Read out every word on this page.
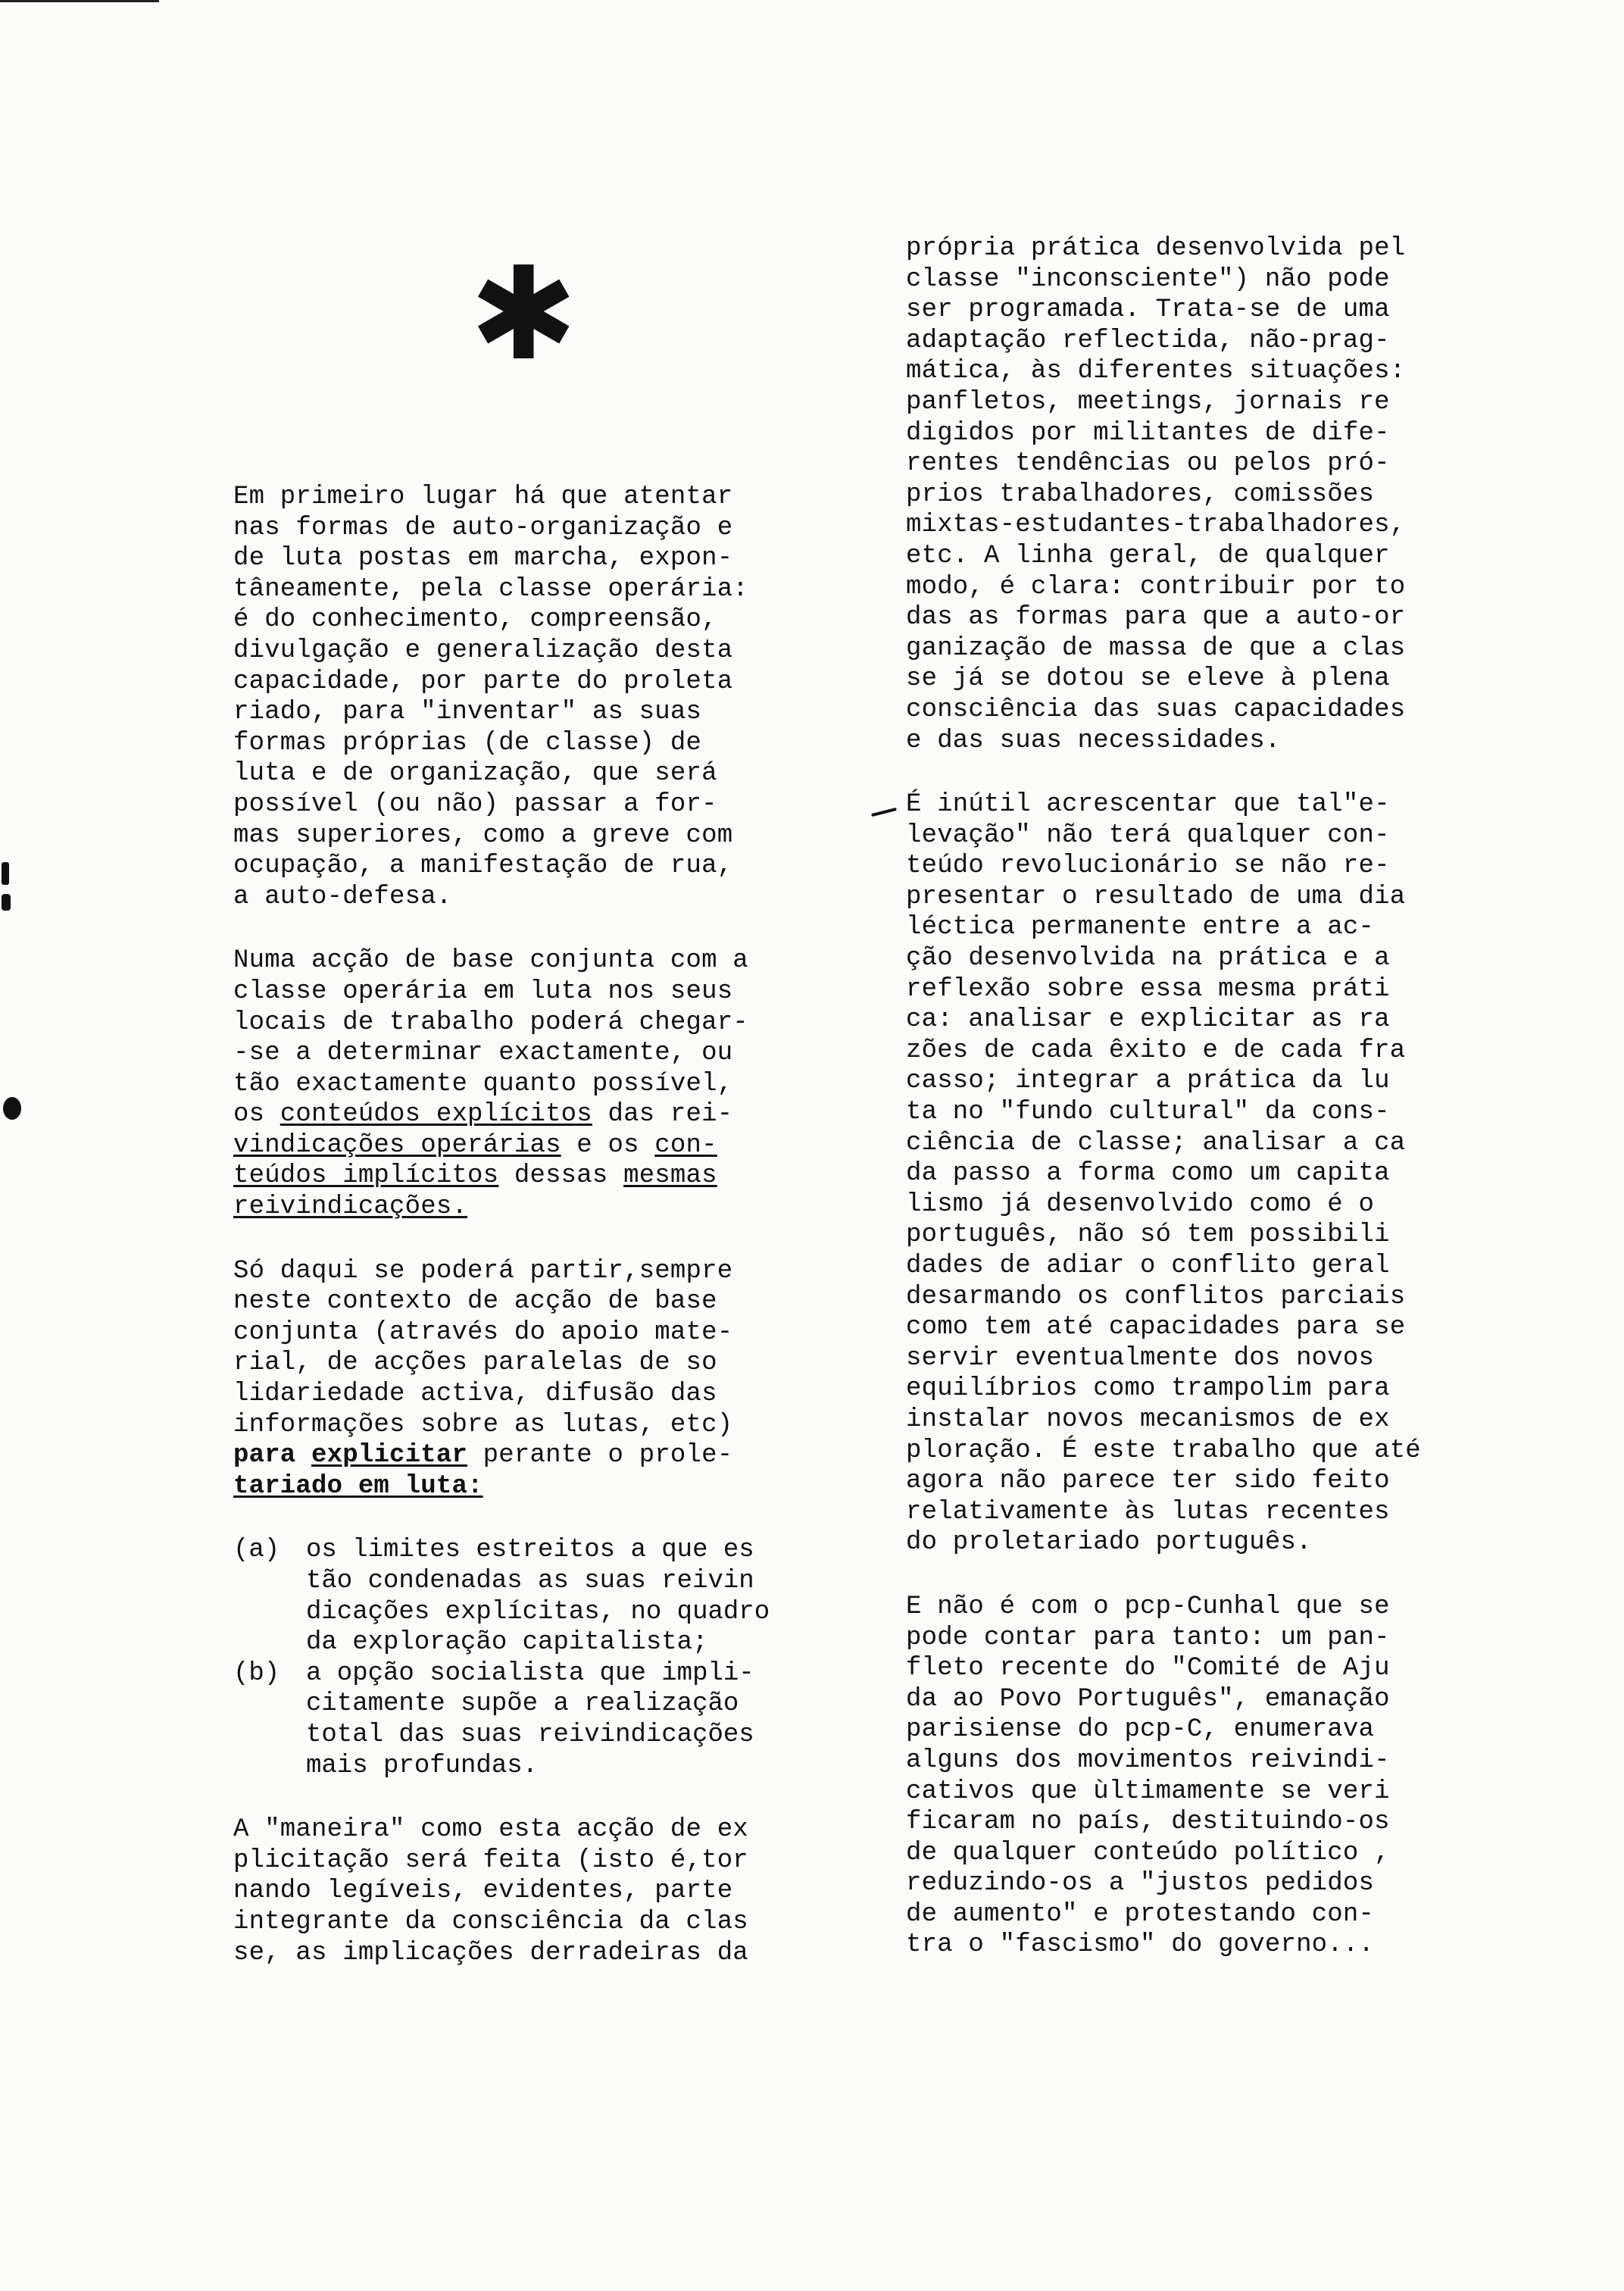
✱

Em primeiro lugar há que atentar
nas formas de auto-organização e
de luta postas em marcha, expon-
tâneamente, pela classe operária:
é do conhecimento, compreensão,
divulgação e generalização desta
capacidade, por parte do proleta
riado, para "inventar" as suas
formas próprias (de classe) de
luta e de organização, que será
possível (ou não) passar a for-
mas superiores, como a greve com
ocupação, a manifestação de rua,
a auto-defesa.

Numa acção de base conjunta com a
classe operária em luta nos seus
locais de trabalho poderá chegar-
-se a determinar exactamente, ou
tão exactamente quanto possível,
os conteúdos explícitos das rei-
vindicações operárias e os con-
teúdos implícitos dessas mesmas
reivindicações.

Só daqui se poderá partir,sempre
neste contexto de acção de base
conjunta (através do apoio mate-
rial, de acções paralelas de so
lidariedade activa, difusão das
informações sobre as lutas, etc)
para explicitar perante o prole-
tariado em luta:

(a)	os limites estreitos a que es
tão condenadas as suas reivin
dicações explícitas, no quadro
da exploração capitalista;
(b)	a opção socialista que impli-
citamente supõe a realização
total das suas reivindicações
mais profundas.

A "maneira" como esta acção de ex
plicitação será feita (isto é,tor
nando legíveis, evidentes, parte
integrante da consciência da clas
se, as implicações derradeiras da

própria prática desenvolvida pel
classe "inconsciente") não pode
ser programada. Trata-se de uma
adaptação reflectida, não-prag-
mática, às diferentes situações:
panfletos, meetings, jornais re
digidos por militantes de dife-
rentes tendências ou pelos pró-
prios trabalhadores, comissões
mixtas-estudantes-trabalhadores,
etc. A linha geral, de qualquer
modo, é clara: contribuir por to
das as formas para que a auto-or
ganização de massa de que a clas
se já se dotou se eleve à plena
consciência das suas capacidades
e das suas necessidades.

É inútil acrescentar que tal"e-
levação" não terá qualquer con-
teúdo revolucionário se não re-
presentar o resultado de uma dia
léctica permanente entre a ac-
ção desenvolvida na prática e a
reflexão sobre essa mesma práti
ca: analisar e explicitar as ra
zões de cada êxito e de cada fra
casso; integrar a prática da lu
ta no "fundo cultural" da cons-
ciência de classe; analisar a ca
da passo a forma como um capita
lismo já desenvolvido como é o
português, não só tem possibili
dades de adiar o conflito geral
desarmando os conflitos parciais
como tem até capacidades para se
servir eventualmente dos novos
equilíbrios como trampolim para
instalar novos mecanismos de ex
ploração. É este trabalho que até
agora não parece ter sido feito
relativamente às lutas recentes
do proletariado português.

E não é com o pcp-Cunhal que se
pode contar para tanto: um pan-
fleto recente do "Comité de Aju
da ao Povo Português", emanação
parisiense do pcp-C, enumerava
alguns dos movimentos reivindi-
cativos que ùltimamente se veri
ficaram no país, destituindo-os
de qualquer conteúdo político ,
reduzindo-os a "justos pedidos
de aumento" e protestando con-
tra o "fascismo" do governo...
